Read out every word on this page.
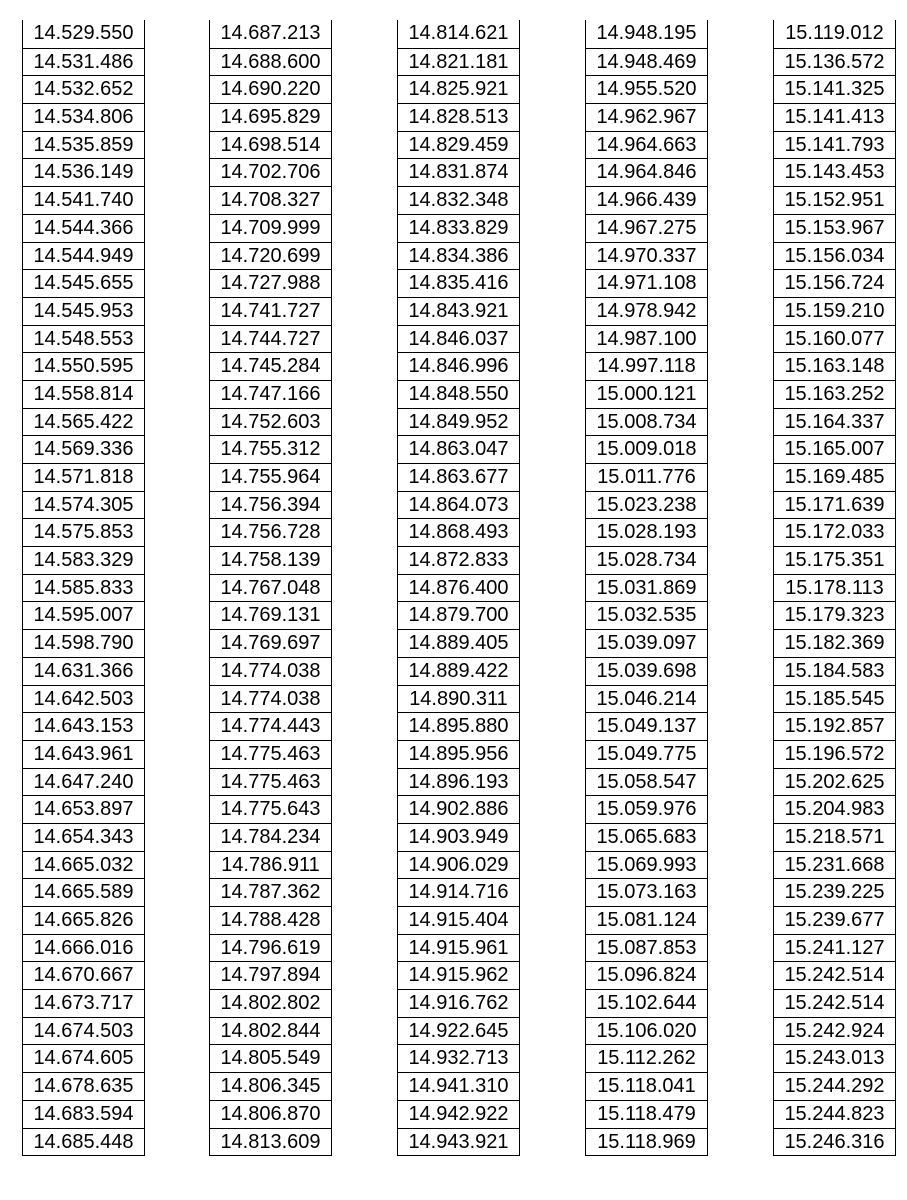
14.529.550
14.531.486
14.532.652
14.534.806
14.535.859
14.536.149
14.541.740
14.544.366
14.544.949
14.545.655
14.545.953
14.548.553
14.550.595
14.558.814
14.565.422
14.569.336
14.571.818
14.574.305
14.575.853
14.583.329
14.585.833
14.595.007
14.598.790
14.631.366
14.642.503
14.643.153
14.643.961
14.647.240
14.653.897
14.654.343
14.665.032
14.665.589
14.665.826
14.666.016
14.670.667
14.673.717
14.674.503
14.674.605
14.678.635
14.683.594
14.685.448
14.687.213
14.688.600
14.690.220
14.695.829
14.698.514
14.702.706
14.708.327
14.709.999
14.720.699
14.727.988
14.741.727
14.744.727
14.745.284
14.747.166
14.752.603
14.755.312
14.755.964
14.756.394
14.756.728
14.758.139
14.767.048
14.769.131
14.769.697
14.774.038
14.774.038
14.774.443
14.775.463
14.775.463
14.775.643
14.784.234
14.786.911
14.787.362
14.788.428
14.796.619
14.797.894
14.802.802
14.802.844
14.805.549
14.806.345
14.806.870
14.813.609
14.814.621
14.821.181
14.825.921
14.828.513
14.829.459
14.831.874
14.832.348
14.833.829
14.834.386
14.835.416
14.843.921
14.846.037
14.846.996
14.848.550
14.849.952
14.863.047
14.863.677
14.864.073
14.868.493
14.872.833
14.876.400
14.879.700
14.889.405
14.889.422
14.890.311
14.895.880
14.895.956
14.896.193
14.902.886
14.903.949
14.906.029
14.914.716
14.915.404
14.915.961
14.915.962
14.916.762
14.922.645
14.932.713
14.941.310
14.942.922
14.943.921
14.948.195
14.948.469
14.955.520
14.962.967
14.964.663
14.964.846
14.966.439
14.967.275
14.970.337
14.971.108
14.978.942
14.987.100
14.997.118
15.000.121
15.008.734
15.009.018
15.011.776
15.023.238
15.028.193
15.028.734
15.031.869
15.032.535
15.039.097
15.039.698
15.046.214
15.049.137
15.049.775
15.058.547
15.059.976
15.065.683
15.069.993
15.073.163
15.081.124
15.087.853
15.096.824
15.102.644
15.106.020
15.112.262
15.118.041
15.118.479
15.118.969
15.119.012
15.136.572
15.141.325
15.141.413
15.141.793
15.143.453
15.152.951
15.153.967
15.156.034
15.156.724
15.159.210
15.160.077
15.163.148
15.163.252
15.164.337
15.165.007
15.169.485
15.171.639
15.172.033
15.175.351
15.178.113
15.179.323
15.182.369
15.184.583
15.185.545
15.192.857
15.196.572
15.202.625
15.204.983
15.218.571
15.231.668
15.239.225
15.239.677
15.241.127
15.242.514
15.242.514
15.242.924
15.243.013
15.244.292
15.244.823
15.246.316
